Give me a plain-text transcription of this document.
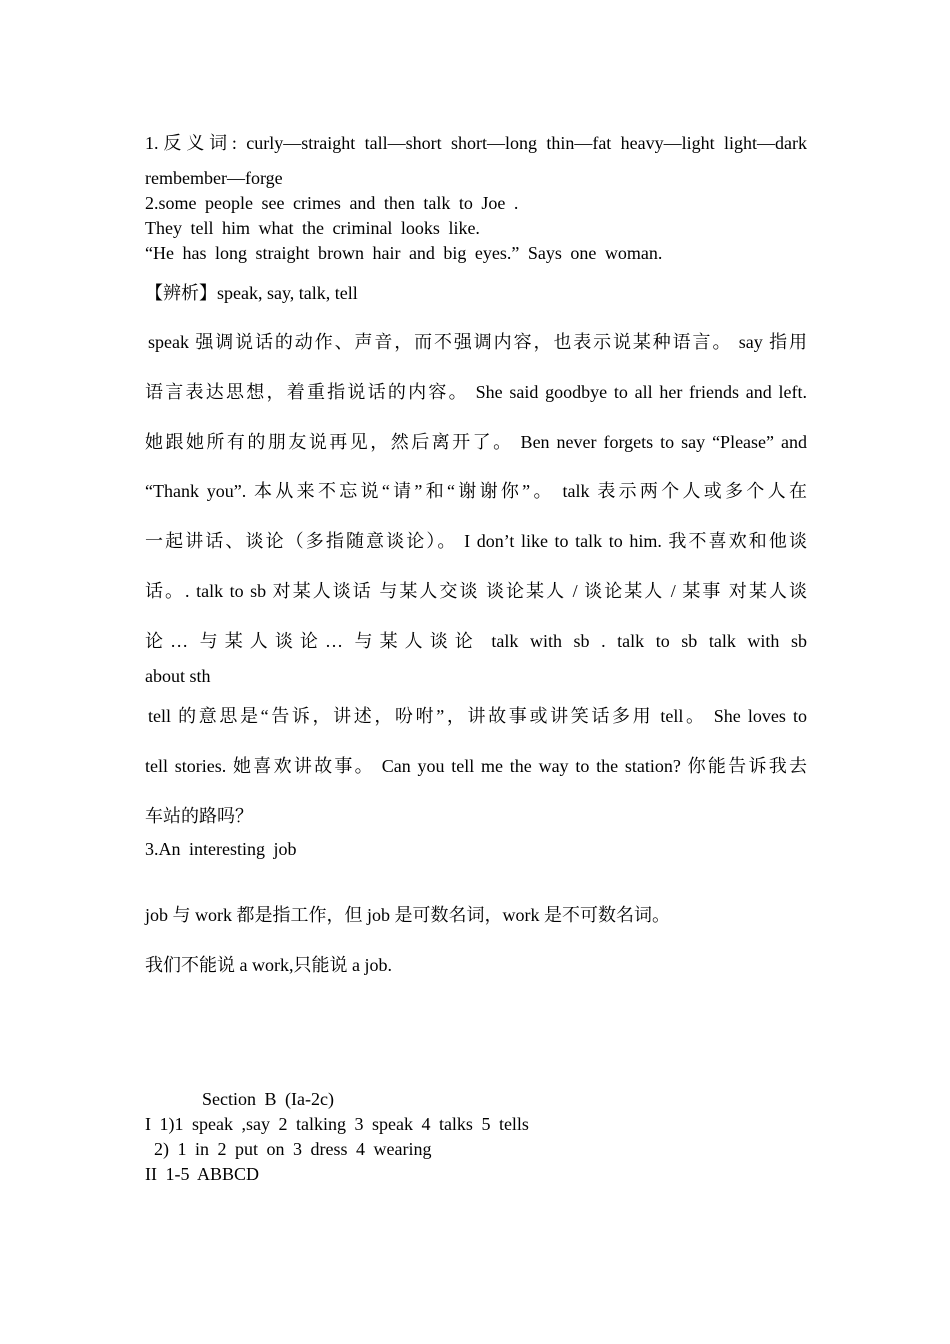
1.反义词: curly—straight tall—short short—long thin—fat heavy—light light—dark
rembember—forge
2.some people see crimes and then talk to Joe .
They tell him what the criminal looks like.
“He has long straight brown hair and big eyes.” Says one woman.
【辨析】speak, say, talk, tell
speak 强调说话的动作、声音，而不强调内容，也表示说某种语言。 say 指用
语言表达思想，着重指说话的内容。 She said goodbye to all her friends and left.
她跟她所有的朋友说再见，然后离开了。 Ben never forgets to say “Please” and
“Thank you”. 本从来不忘说“请”和“谢谢你”。 talk 表示两个人或多个人在
一起讲话、谈论（多指随意谈论）。 I don’t like to talk to him. 我不喜欢和他谈
话。. talk to sb 对某人谈话 与某人交谈 谈论某人 / 谈论某人 / 某事 对某人谈
论… 与某人谈论… 与某人谈论 talk with sb . talk to sb talk with sb
about sth
tell 的意思是“告诉，讲述，吩咐”，讲故事或讲笑话多用 tell。 She loves to
tell stories. 她喜欢讲故事。 Can you tell me the way to the station? 你能告诉我去
车站的路吗？
3.An interesting job
job 与 work 都是指工作，但 job 是可数名词，work 是不可数名词。
我们不能说 a work,只能说 a job.
Section B (Ia-2c)
I 1)1 speak ,say 2 talking 3 speak 4 talks 5 tells
2) 1 in 2 put on 3 dress 4 wearing
II 1-5 ABBCD
